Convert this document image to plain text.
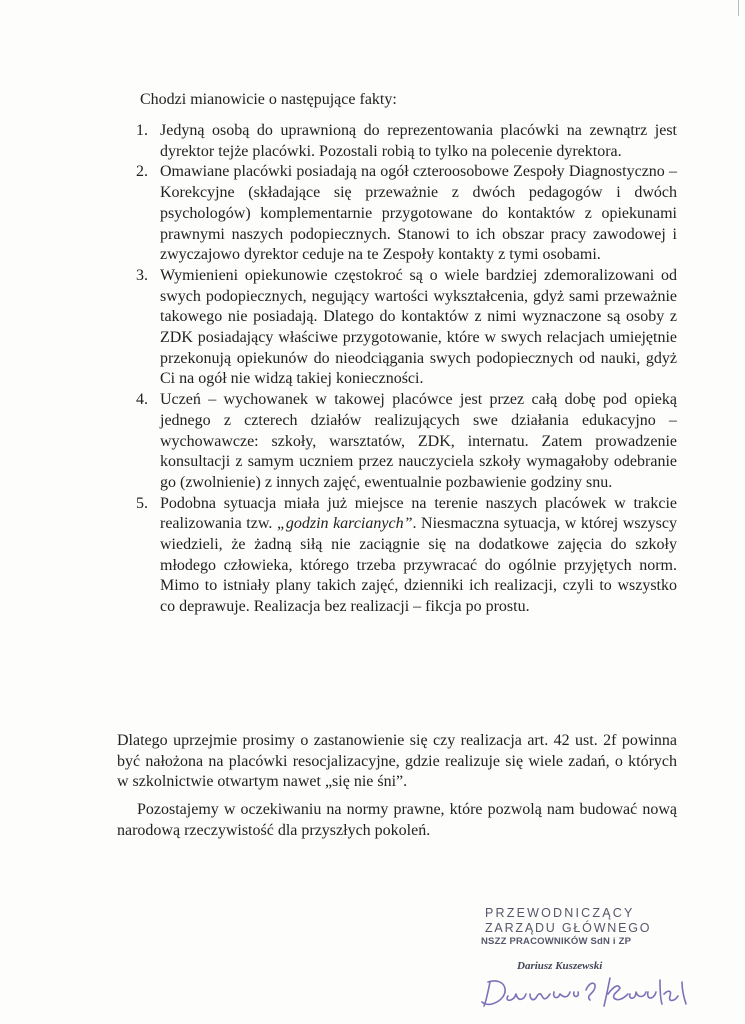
Chodzi mianowicie o następujące fakty:
1. Jedyną osobą do uprawnioną do reprezentowania placówki na zewnątrz jest dyrektor tejże placówki. Pozostali robią to tylko na polecenie dyrektora.
2. Omawiane placówki posiadają na ogół czteroosobowe Zespoły Diagnostyczno – Korekcyjne (składające się przeważnie z dwóch pedagogów i dwóch psychologów) komplementarnie przygotowane do kontaktów z opiekunami prawnymi naszych podopiecznych. Stanowi to ich obszar pracy zawodowej i zwyczajowo dyrektor ceduje na te Zespoły kontakty z tymi osobami.
3. Wymienieni opiekunowie częstokroć są o wiele bardziej zdemoralizowani od swych podopiecznych, negujący wartości wykształcenia, gdyż sami przeważnie takowego nie posiadają. Dlatego do kontaktów z nimi wyznaczone są osoby z ZDK posiadający właściwe przygotowanie, które w swych relacjach umiejętnie przekonują opiekunów do nieodciągania swych podopiecznych od nauki, gdyż Ci na ogół nie widzą takiej konieczności.
4. Uczeń – wychowanek w takowej placówce jest przez całą dobę pod opieką jednego z czterech działów realizujących swe działania edukacyjno – wychowawcze: szkoły, warsztatów, ZDK, internatu. Zatem prowadzenie konsultacji z samym uczniem przez nauczyciela szkoły wymagałoby odebranie go (zwolnienie) z innych zajęć, ewentualnie pozbawienie godziny snu.
5. Podobna sytuacja miała już miejsce na terenie naszych placówek w trakcie realizowania tzw. „godzin karcianych”. Niesmaczna sytuacja, w której wszyscy wiedzieli, że żadną siłą nie zaciągnie się na dodatkowe zajęcia do szkoły młodego człowieka, którego trzeba przywracać do ogólnie przyjętych norm. Mimo to istniały plany takich zajęć, dzienniki ich realizacji, czyli to wszystko co deprawuje. Realizacja bez realizacji – fikcja po prostu.
Dlatego uprzejmie prosimy o zastanowienie się czy realizacja art. 42 ust. 2f powinna być nałożona na placówki resocjalizacyjne, gdzie realizuje się wiele zadań, o których w szkolnictwie otwartym nawet „się nie śni”.
Pozostajemy w oczekiwaniu na normy prawne, które pozwolą nam budować nową narodową rzeczywistość dla przyszłych pokoleń.
PRZEWODNICZĄCY
ZARZĄDU GŁÓWNEGO
NSZZ PRACOWNIKÓW SdN i ZP
Dariusz Kuszewski
